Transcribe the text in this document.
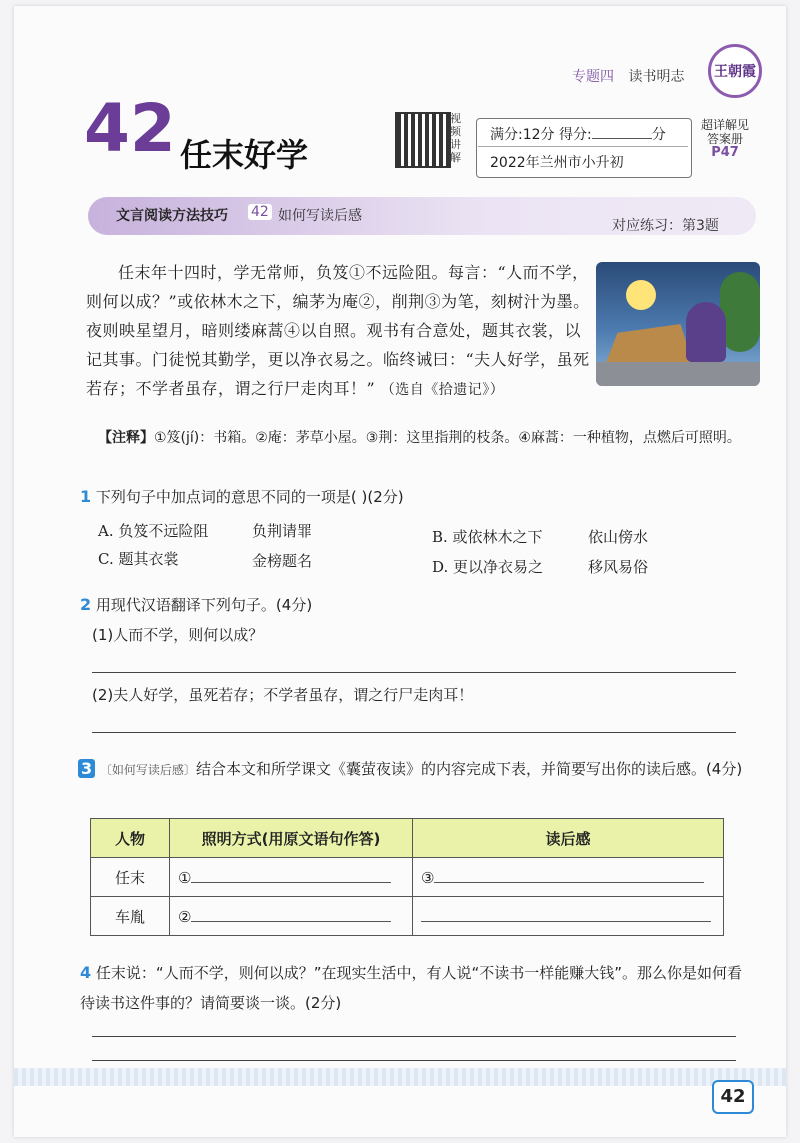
专题四 读书明志 王朝霞
42 任末好学
视频讲解
满分:12分 得分:	分
2022年兰州市小升初
超详解见
答案册
P47
文言阅读方法技巧 42 如何写读后感
对应练习：第3题
任末年十四时，学无常师，负笈①不远险阻。每言：“人而不学，则何以成？”或依林木之下，编茅为庵②，削荆③为笔，刻树汁为墨。夜则映星望月，暗则缕麻蒿④以自照。观书有合意处，题其衣裳，以记其事。门徒悦其勤学，更以净衣易之。临终诫曰：“夫人好学，虽死若存；不学者虽存，谓之行尸走肉耳！” （选自《拾遗记》）
【注释】①笈(jí)：书箱。②庵：茅草小屋。③荆：这里指荆的枝条。④麻蒿：一种植物，点燃后可照明。
1 下列句子中加点词的意思不同的一项是( )(2分)
A. 负笈不远险阻	负荆请罪	B. 或依林木之下	依山傍水
C. 题其衣裳	金榜题名	D. 更以净衣易之	移风易俗
2 用现代汉语翻译下列句子。(4分)
(1)人而不学，则何以成？
(2)夫人好学，虽死若存；不学者虽存，谓之行尸走肉耳！
3 〔如何写读后感〕结合本文和所学课文《囊萤夜读》的内容完成下表，并简要写出你的读后感。(4分)
人物	照明方式(用原文语句作答)	读后感
任末	①	③
车胤	②	
4 任末说：“人而不学，则何以成？”在现实生活中，有人说“不读书一样能赚大钱”。那么你是如何看待读书这件事的？请简要谈一谈。(2分)
42
